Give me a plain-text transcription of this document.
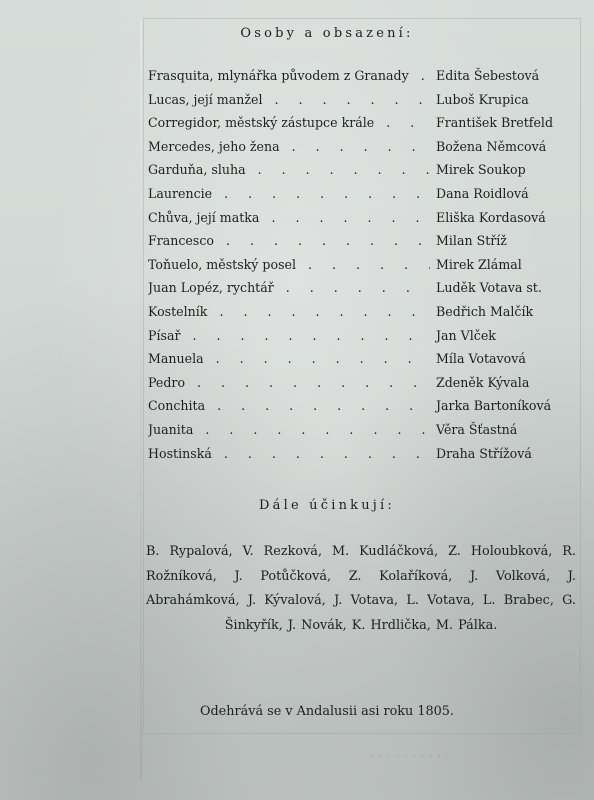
Osoby a obsazení:
Frasquita, mlynářka původem z Granady . . .	Edita Šebestová
Lucas, její manžel . . .	Luboš Krupica
Corregidor, městský zástupce krále . . .	František Bretfeld
Mercedes, jeho žena . . .	Božena Němcová
Garduňa, sluha . . .	Mirek Soukop
Laurencie . . .	Dana Roidlová
Chůva, její matka . . .	Eliška Kordasová
Francesco . . .	Milan Stříž
Toňuelo, městský posel . . .	Mirek Zlámal
Juan Lopéz, rychtář . . .	Luděk Votava st.
Kostelník . . .	Bedřich Malčík
Písař . . .	Jan Vlček
Manuela . . .	Míla Votavová
Pedro . . .	Zdeněk Kývala
Conchita . . .	Jarka Bartoníková
Juanita . . .	Věra Šťastná
Hostinská . . .	Draha Střížová
Dále účinkují:
B. Rypalová, V. Rezková, M. Kudláčková, Z. Holoubková, R. Rožníková, J. Potůčková, Z. Kolaříková, J. Volková, J. Abrahámková, J. Kývalová, J. Votava, L. Votava, L. Brabec, G. Šinkyřík, J. Novák, K. Hrdlička, M. Pálka.
Odehrává se v Andalusii asi roku 1805.
· · · · · · · · · ·
